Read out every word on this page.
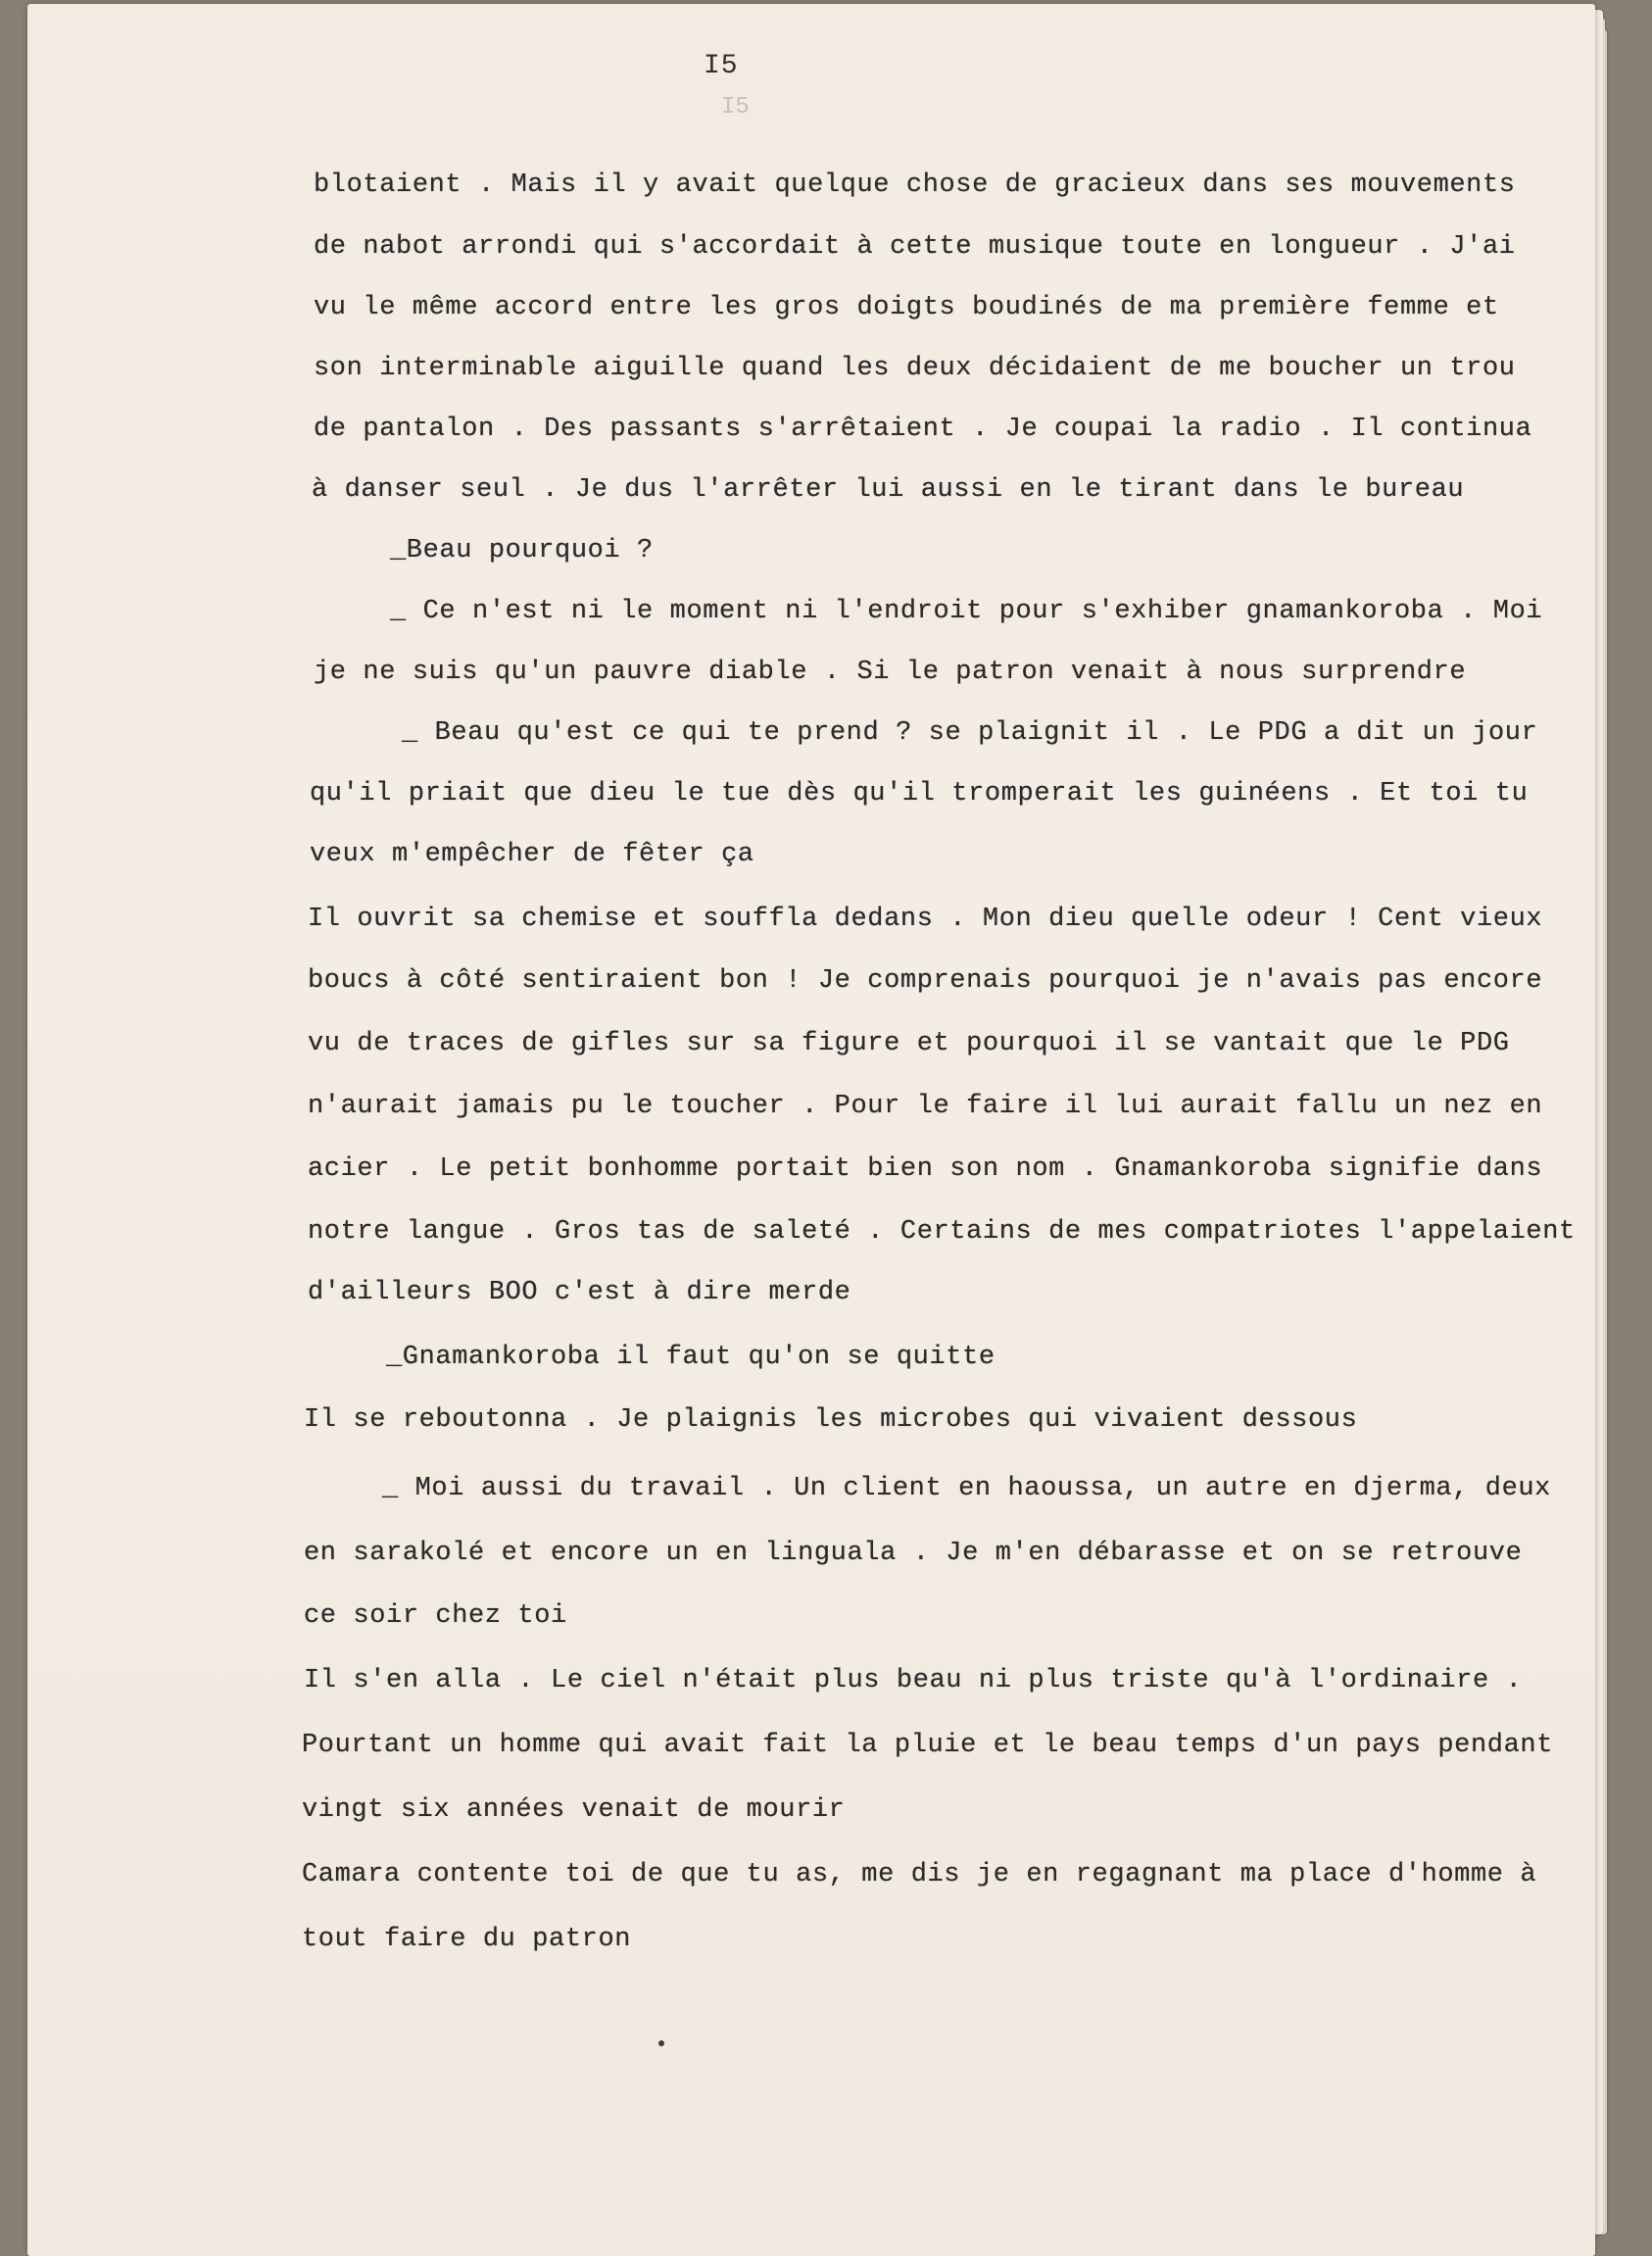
I5
I5
blotaient . Mais il y avait quelque chose de gracieux dans ses mouvements
de nabot arrondi qui s'accordait à cette musique toute en longueur . J'ai
vu le même accord entre les gros doigts boudinés de ma première femme et
son interminable aiguille quand les deux décidaient de me boucher un trou
de pantalon . Des passants s'arrêtaient . Je coupai la radio . Il continua
à danser seul . Je dus l'arrêter lui aussi en le tirant dans le bureau
_Beau pourquoi ?
_ Ce n'est ni le moment ni l'endroit pour s'exhiber gnamankoroba . Moi
je ne suis qu'un pauvre diable . Si le patron venait à nous surprendre
_ Beau qu'est ce qui te prend ? se plaignit il . Le PDG a dit un jour
qu'il priait que dieu le tue dès qu'il tromperait les guinéens . Et toi tu
veux m'empêcher de fêter ça
Il ouvrit sa chemise et souffla dedans . Mon dieu quelle odeur ! Cent vieux
boucs à côté sentiraient bon ! Je comprenais pourquoi je n'avais pas encore
vu de traces de gifles sur sa figure et pourquoi il se vantait que le PDG
n'aurait jamais pu le toucher . Pour le faire il lui aurait fallu un nez en
acier . Le petit bonhomme portait bien son nom . Gnamankoroba signifie dans
notre langue . Gros tas de saleté . Certains de mes compatriotes l'appelaient
d'ailleurs BOO c'est à dire merde
_Gnamankoroba il faut qu'on se quitte
Il se reboutonna . Je plaignis les microbes qui vivaient dessous
_ Moi aussi du travail . Un client en haoussa, un autre en djerma, deux
en sarakolé et encore un en linguala . Je m'en débarasse et on se retrouve
ce soir chez toi
Il s'en alla . Le ciel n'était plus beau ni plus triste qu'à l'ordinaire .
Pourtant un homme qui avait fait la pluie et le beau temps d'un pays pendant
vingt six années venait de mourir
Camara contente toi de que tu as, me dis je en regagnant ma place d'homme à
tout faire du patron
